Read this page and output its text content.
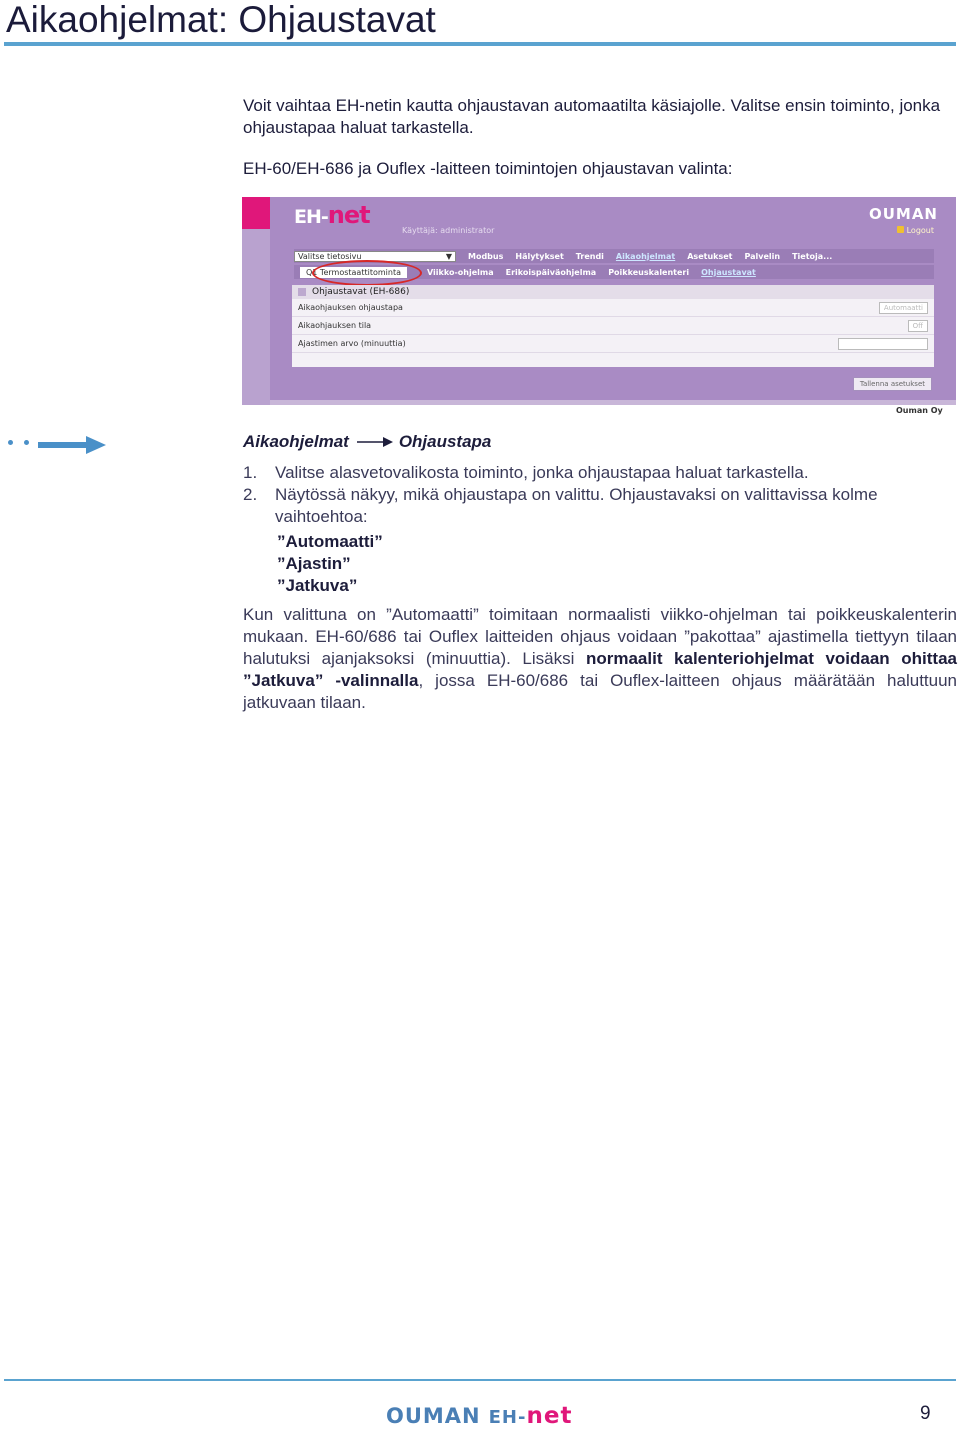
Aikaohjelmat: Ohjaustavat
Voit vaihtaa EH-netin kautta ohjaustavan automaatilta käsiajolle. Valitse ensin toiminto, jonka ohjaustapaa haluat tarkastella.
EH-60/EH-686 ja Ouflex -laitteen toimintojen ohjaustavan valinta:
EH-net
Käyttäjä: administrator
OUMAN
Logout
Valitse tietosivu	▼ Modbus Hälytykset Trendi Aikaohjelmat Asetukset Palvelin Tietoja...
Q1 Termostaattitominta	Viikko-ohjelma Erikoispäiväohjelma Poikkeuskalenteri Ohjaustavat
Ohjaustavat (EH-686)
Aikaohjauksen ohjaustapa	Automaatti
Aikaohjauksen tila	Off
Ajastimen arvo (minuuttia)
Tallenna asetukset
Ouman Oy
Aikaohjelmat	Ohjaustapa
1.	Valitse alasvetovalikosta toiminto, jonka ohjaustapaa haluat tarkastella.
2.	Näytössä näkyy, mikä ohjaustapa on valittu. Ohjaustavaksi on valittavissa kolme vaihtoehtoa:
”Automaatti”
”Ajastin”
”Jatkuva”
Kun valittuna on ”Automaatti” toimitaan normaalisti viikko-ohjelman tai poikkeuskalenterin mukaan. EH-60/686 tai Ouflex laitteiden ohjaus voidaan ”pakottaa” ajastimella tiettyyn tilaan halutuksi ajanjaksoksi (minuuttia). Lisäksi normaalit kalenteriohjelmat voidaan ohittaa ”Jatkuva” -valinnalla, jossa EH-60/686 tai Ouflex-laitteen ohjaus määrätään haluttuun jatkuvaan tilaan.
OUMAN EH-net	9
